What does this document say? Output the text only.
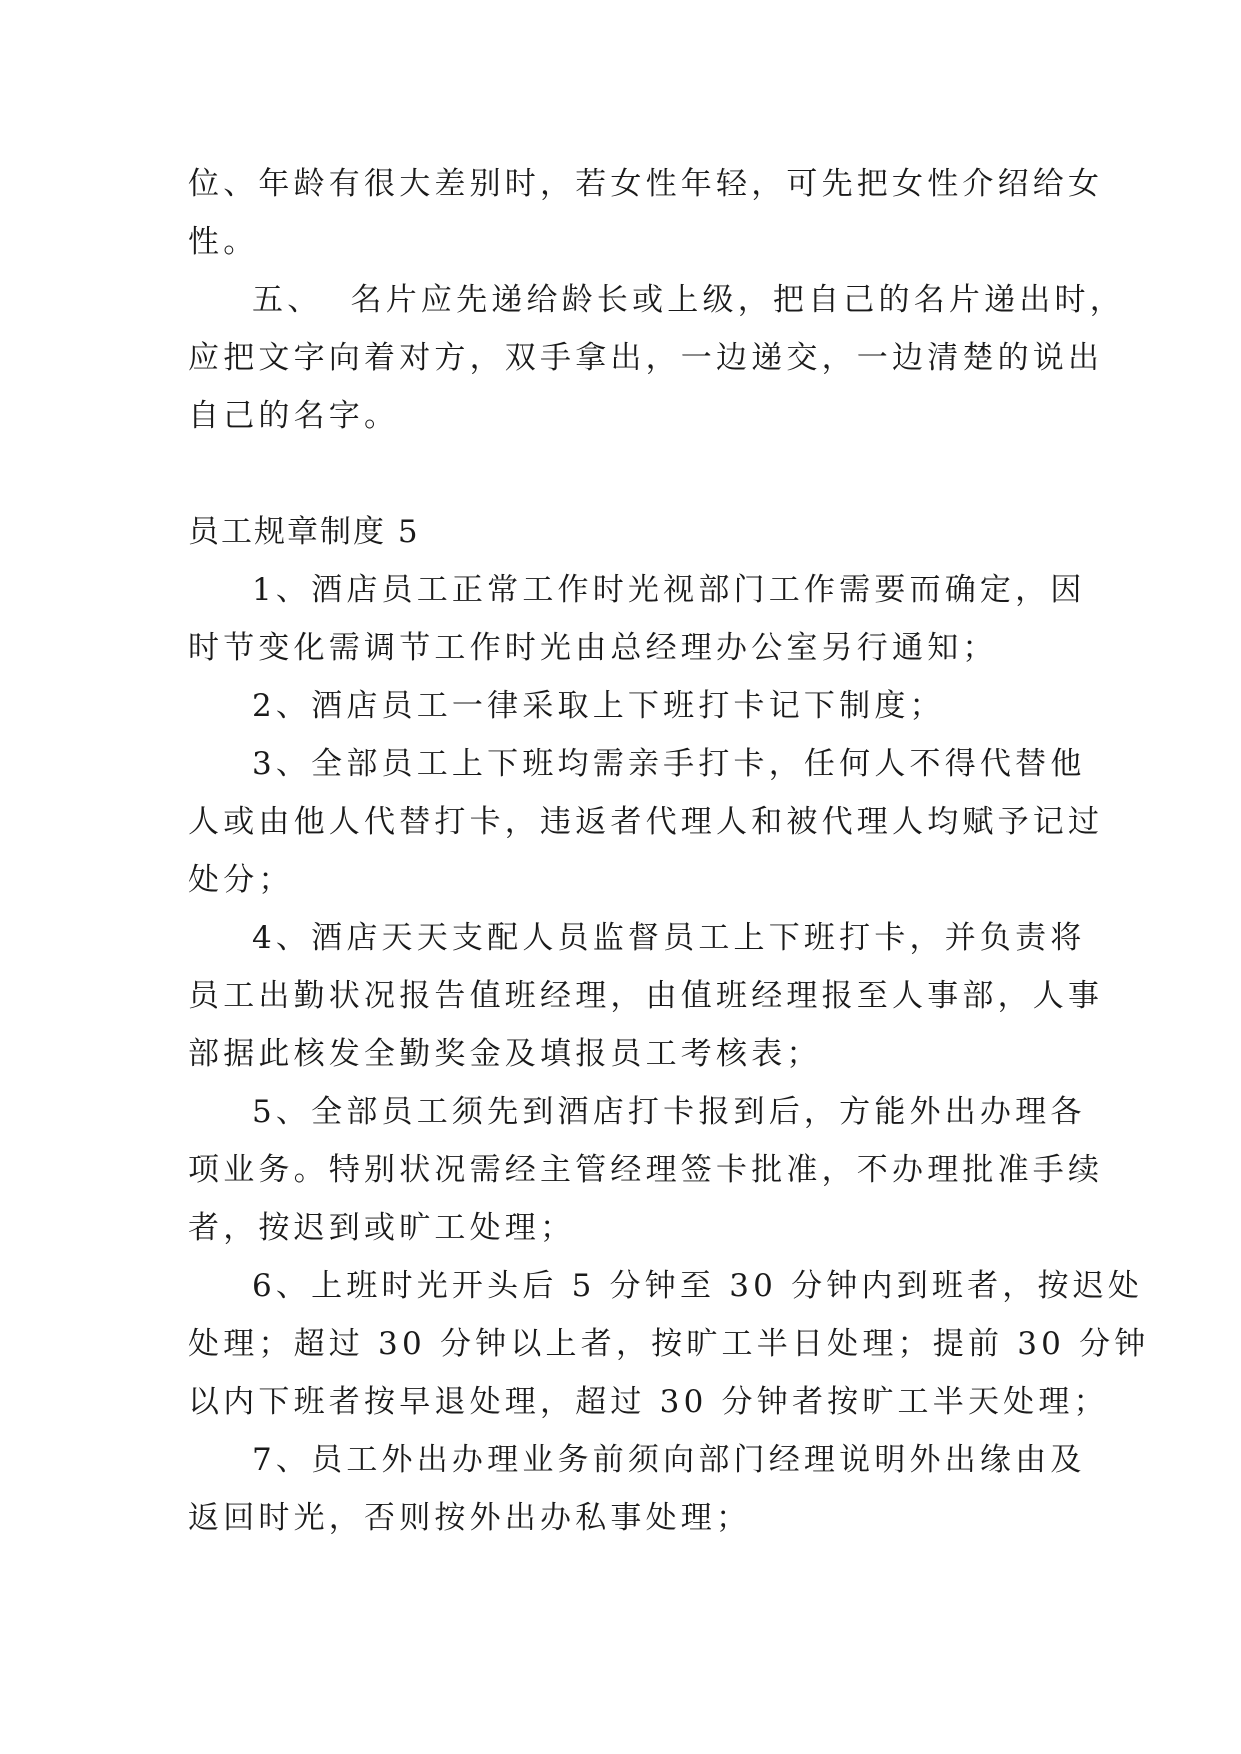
位、年龄有很大差别时，若女性年轻，可先把女性介绍给女
性。
五、  名片应先递给龄长或上级，把自己的名片递出时，
应把文字向着对方，双手拿出，一边递交，一边清楚的说出
自己的名字。
员工规章制度 5
1、酒店员工正常工作时光视部门工作需要而确定，因
时节变化需调节工作时光由总经理办公室另行通知；
2、酒店员工一律采取上下班打卡记下制度；
3、全部员工上下班均需亲手打卡，任何人不得代替他
人或由他人代替打卡，违返者代理人和被代理人均赋予记过
处分；
4、酒店天天支配人员监督员工上下班打卡，并负责将
员工出勤状况报告值班经理，由值班经理报至人事部，人事
部据此核发全勤奖金及填报员工考核表；
5、全部员工须先到酒店打卡报到后，方能外出办理各
项业务。特别状况需经主管经理签卡批准，不办理批准手续
者，按迟到或旷工处理；
6、上班时光开头后 5 分钟至 30 分钟内到班者，按迟处
处理；超过 30 分钟以上者，按旷工半日处理；提前 30 分钟
以内下班者按早退处理，超过 30 分钟者按旷工半天处理；
7、员工外出办理业务前须向部门经理说明外出缘由及
返回时光，否则按外出办私事处理；
